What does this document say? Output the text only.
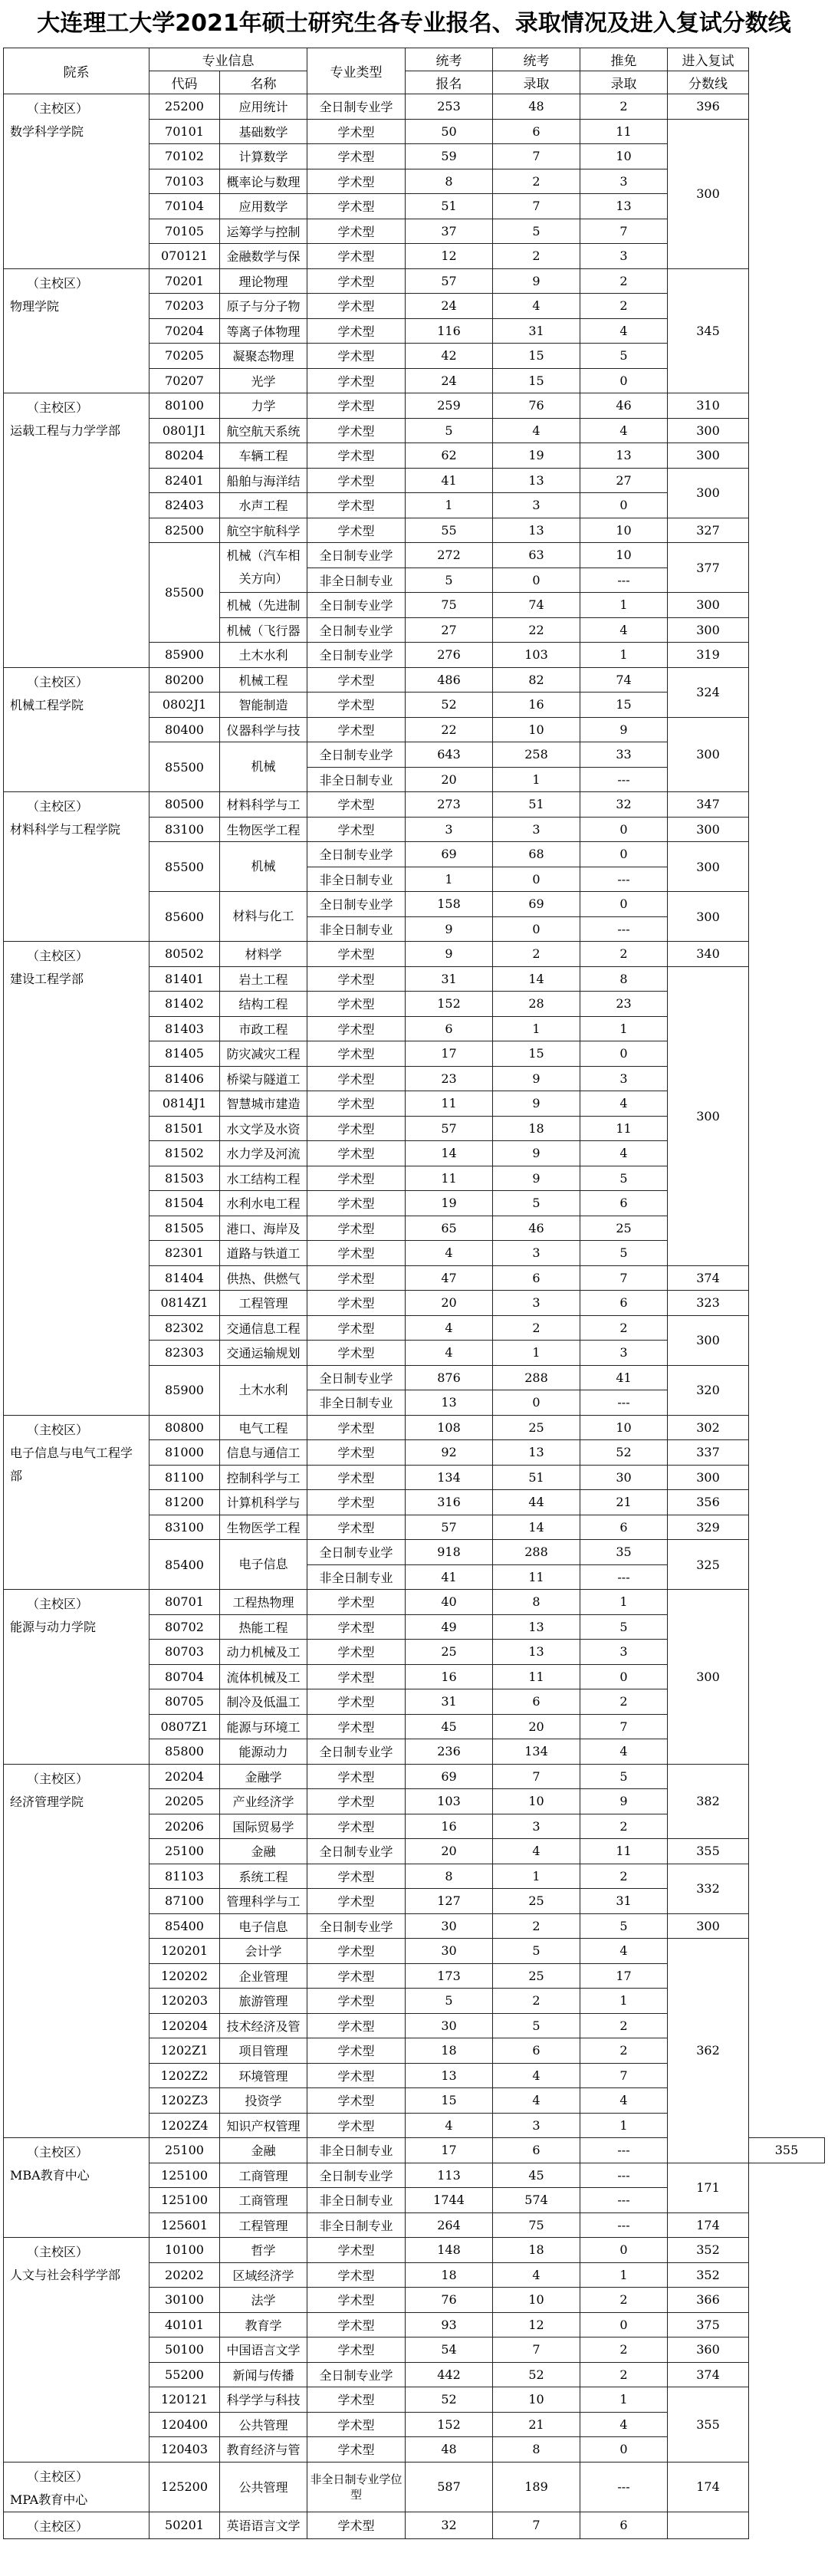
大连理工大学2021年硕士研究生各专业报名、录取情况及进入复试分数线
院系	专业信息		专业类型	统考	统考	推免	进入复试	
	代码	名称		报名	录取	录取	分数线	

（主校区）
数学科学学院	25200	应用统计	全日制专业学	253	48	2	396	
	70101	基础数学	学术型	50	6	11	300	
	70102	计算数学	学术型	59	7	10		
	70103	概率论与数理	学术型	8	2	3		
	70104	应用数学	学术型	51	7	13		
	70105	运筹学与控制	学术型	37	5	7		
	070121	金融数学与保	学术型	12	2	3		

（主校区）
物理学院	70201	理论物理	学术型	57	9	2	345	
	70203	原子与分子物	学术型	24	4	2		
	70204	等离子体物理	学术型	116	31	4		
	70205	凝聚态物理	学术型	42	15	5		
	70207	光学	学术型	24	15	0		

（主校区）
运载工程与力学学部	80100	力学	学术型	259	76	46	310	
	0801J1	航空航天系统	学术型	5	4	4	300	
	80204	车辆工程	学术型	62	19	13	300	
	82401	船舶与海洋结	学术型	41	13	27	300	
	82403	水声工程	学术型	1	3	0		
	82500	航空宇航科学	学术型	55	13	10	327	
	85500	机械（汽车相关方向）	全日制专业学	272	63	10	377	
			非全日制专业	5	0	---		
		机械（先进制	全日制专业学	75	74	1	300	
		机械（飞行器	全日制专业学	27	22	4	300	
	85900	土木水利	全日制专业学	276	103	1	319	

（主校区）
机械工程学院	80200	机械工程	学术型	486	82	74	324	
	0802J1	智能制造	学术型	52	16	15		
	80400	仪器科学与技	学术型	22	10	9	300	
	85500	机械	全日制专业学	643	258	33		
			非全日制专业	20	1	---		

（主校区）
材料科学与工程学院	80500	材料科学与工	学术型	273	51	32	347	
	83100	生物医学工程	学术型	3	3	0	300	
	85500	机械	全日制专业学	69	68	0	300	
			非全日制专业	1	0	---		
	85600	材料与化工	全日制专业学	158	69	0	300	
			非全日制专业	9	0	---		

（主校区）
建设工程学部	80502	材料学	学术型	9	2	2	340	
	81401	岩土工程	学术型	31	14	8	300	
	81402	结构工程	学术型	152	28	23		
	81403	市政工程	学术型	6	1	1		
	81405	防灾减灾工程	学术型	17	15	0		
	81406	桥梁与隧道工	学术型	23	9	3		
	0814J1	智慧城市建造	学术型	11	9	4		
	81501	水文学及水资	学术型	57	18	11		
	81502	水力学及河流	学术型	14	9	4		
	81503	水工结构工程	学术型	11	9	5		
	81504	水利水电工程	学术型	19	5	6		
	81505	港口、海岸及	学术型	65	46	25		
	82301	道路与铁道工	学术型	4	3	5		
	81404	供热、供燃气	学术型	47	6	7	374	
	0814Z1	工程管理	学术型	20	3	6	323	
	82302	交通信息工程	学术型	4	2	2	300	
	82303	交通运输规划	学术型	4	1	3		
	85900	土木水利	全日制专业学	876	288	41	320	
			非全日制专业	13	0	---		

（主校区）
电子信息与电气工程学部	80800	电气工程	学术型	108	25	10	302	
	81000	信息与通信工	学术型	92	13	52	337	
	81100	控制科学与工	学术型	134	51	30	300	
	81200	计算机科学与	学术型	316	44	21	356	
	83100	生物医学工程	学术型	57	14	6	329	
	85400	电子信息	全日制专业学	918	288	35	325	
			非全日制专业	41	11	---		

（主校区）
能源与动力学院	80701	工程热物理	学术型	40	8	1	300	
	80702	热能工程	学术型	49	13	5		
	80703	动力机械及工	学术型	25	13	3		
	80704	流体机械及工	学术型	16	11	0		
	80705	制冷及低温工	学术型	31	6	2		
	0807Z1	能源与环境工	学术型	45	20	7		
	85800	能源动力	全日制专业学	236	134	4		

（主校区）
经济管理学院	20204	金融学	学术型	69	7	5	382	
	20205	产业经济学	学术型	103	10	9		
	20206	国际贸易学	学术型	16	3	2		
	25100	金融	全日制专业学	20	4	11	355	
	81103	系统工程	学术型	8	1	2	332	
	87100	管理科学与工	学术型	127	25	31		
	85400	电子信息	全日制专业学	30	2	5	300	
	120201	会计学	学术型	30	5	4	362	
	120202	企业管理	学术型	173	25	17		
	120203	旅游管理	学术型	5	2	1		
	120204	技术经济及管	学术型	30	5	2		
	1202Z1	项目管理	学术型	18	6	2		
	1202Z2	环境管理	学术型	13	4	7		
	1202Z3	投资学	学术型	15	4	4		
	1202Z4	知识产权管理	学术型	4	3	1		

（主校区）
MBA教育中心	25100	金融	非全日制专业	17	6	---		355
	125100	工商管理	全日制专业学	113	45	---	171	
	125100	工商管理	非全日制专业	1744	574	---		
	125601	工程管理	非全日制专业	264	75	---	174	

（主校区）
人文与社会科学学部	10100	哲学	学术型	148	18	0	352	
	20202	区域经济学	学术型	18	4	1	352	
	30100	法学	学术型	76	10	2	366	
	40101	教育学	学术型	93	12	0	375	
	50100	中国语言文学	学术型	54	7	2	360	
	55200	新闻与传播	全日制专业学	442	52	2	374	
	120121	科学学与科技	学术型	52	10	1	355	
	120400	公共管理	学术型	152	21	4		
	120403	教育经济与管	学术型	48	8	0		

（主校区）
MPA教育中心	125200	公共管理	非全日制专业学位型	587	189	---	174	

（主校区）	50201	英语语言文学	学术型	32	7	6		
